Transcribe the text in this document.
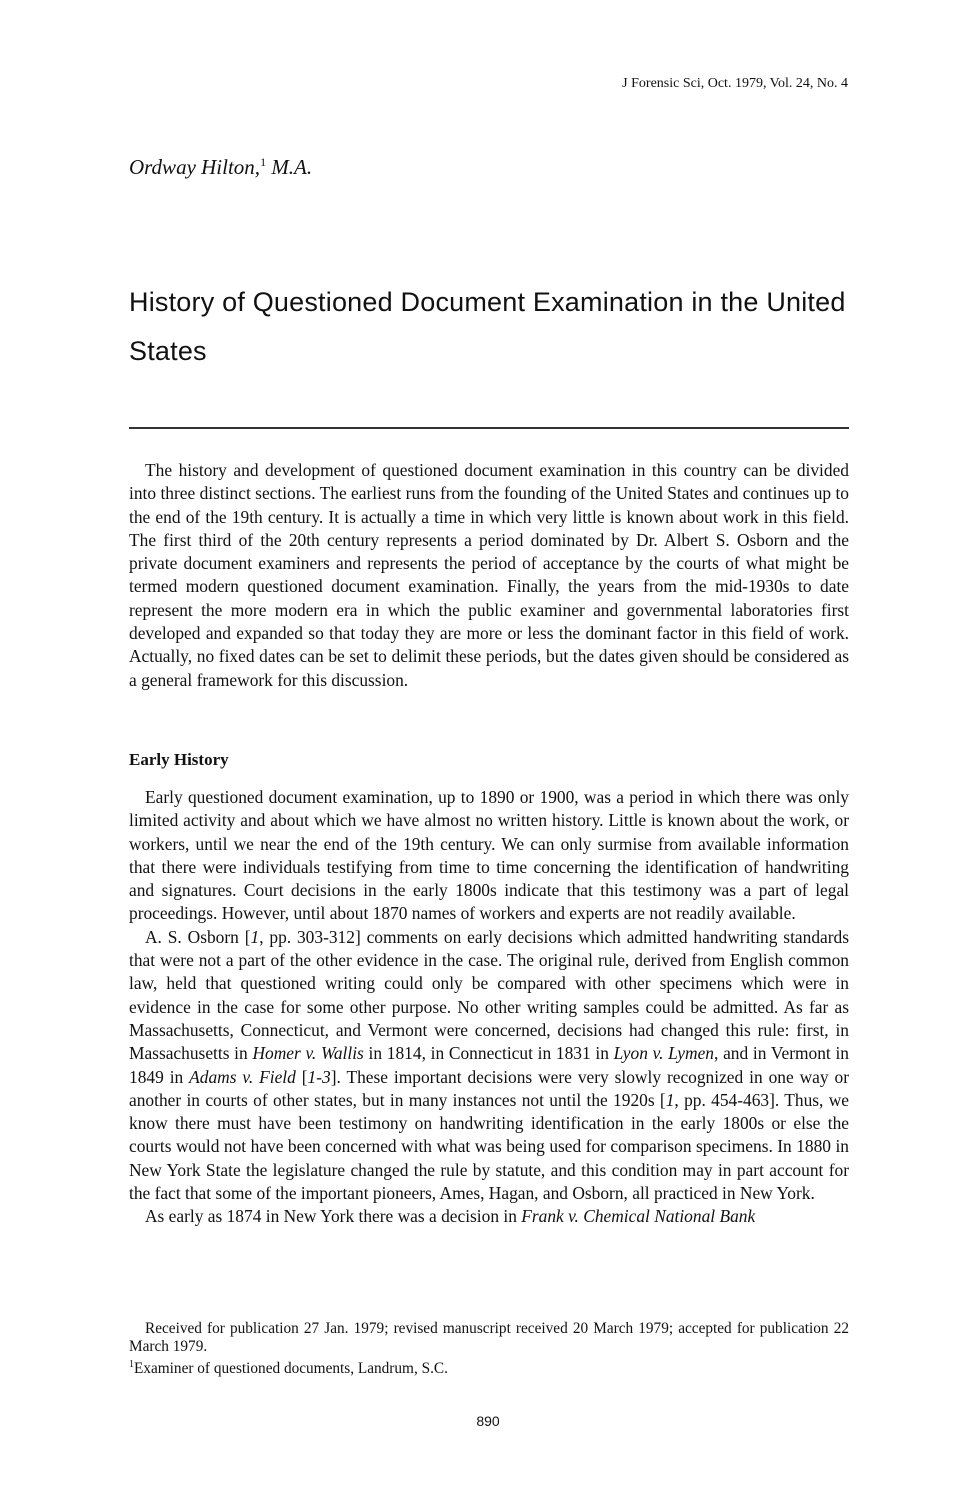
J Forensic Sci, Oct. 1979, Vol. 24, No. 4
Ordway Hilton,$^1$ M.A.
History of Questioned Document Examination in the United States

The history and development of questioned document examination in this country can be divided into three distinct sections. The earliest runs from the founding of the United States and continues up to the end of the 19th century. It is actually a time in which very little is known about work in this field. The first third of the 20th century represents a period dominated by Dr. Albert S. Osborn and the private document examiners and represents the period of acceptance by the courts of what might be termed modern questioned document examination. Finally, the years from the mid-1930s to date represent the more modern era in which the public examiner and governmental laboratories first developed and expanded so that today they are more or less the dominant factor in this field of work. Actually, no fixed dates can be set to delimit these periods, but the dates given should be considered as a general framework for this discussion.

Early History

Early questioned document examination, up to 1890 or 1900, was a period in which there was only limited activity and about which we have almost no written history. Little is known about the work, or workers, until we near the end of the 19th century. We can only surmise from available information that there were individuals testifying from time to time concerning the identification of handwriting and signatures. Court decisions in the early 1800s indicate that this testimony was a part of legal proceedings. However, until about 1870 names of workers and experts are not readily available.

A. S. Osborn [1, pp. 303-312] comments on early decisions which admitted handwriting standards that were not a part of the other evidence in the case. The original rule, derived from English common law, held that questioned writing could only be compared with other specimens which were in evidence in the case for some other purpose. No other writing samples could be admitted. As far as Massachusetts, Connecticut, and Vermont were concerned, decisions had changed this rule: first, in Massachusetts in Homer v. Wallis in 1814, in Connecticut in 1831 in Lyon v. Lymen, and in Vermont in 1849 in Adams v. Field [1-3]. These important decisions were very slowly recognized in one way or another in courts of other states, but in many instances not until the 1920s [1, pp. 454-463]. Thus, we know there must have been testimony on handwriting identification in the early 1800s or else the courts would not have been concerned with what was being used for comparison specimens. In 1880 in New York State the legislature changed the rule by statute, and this condition may in part account for the fact that some of the important pioneers, Ames, Hagan, and Osborn, all practiced in New York.

As early as 1874 in New York there was a decision in Frank v. Chemical National Bank

Received for publication 27 Jan. 1979; revised manuscript received 20 March 1979; accepted for publication 22 March 1979.

$^1$Examiner of questioned documents, Landrum, S.C.
890
